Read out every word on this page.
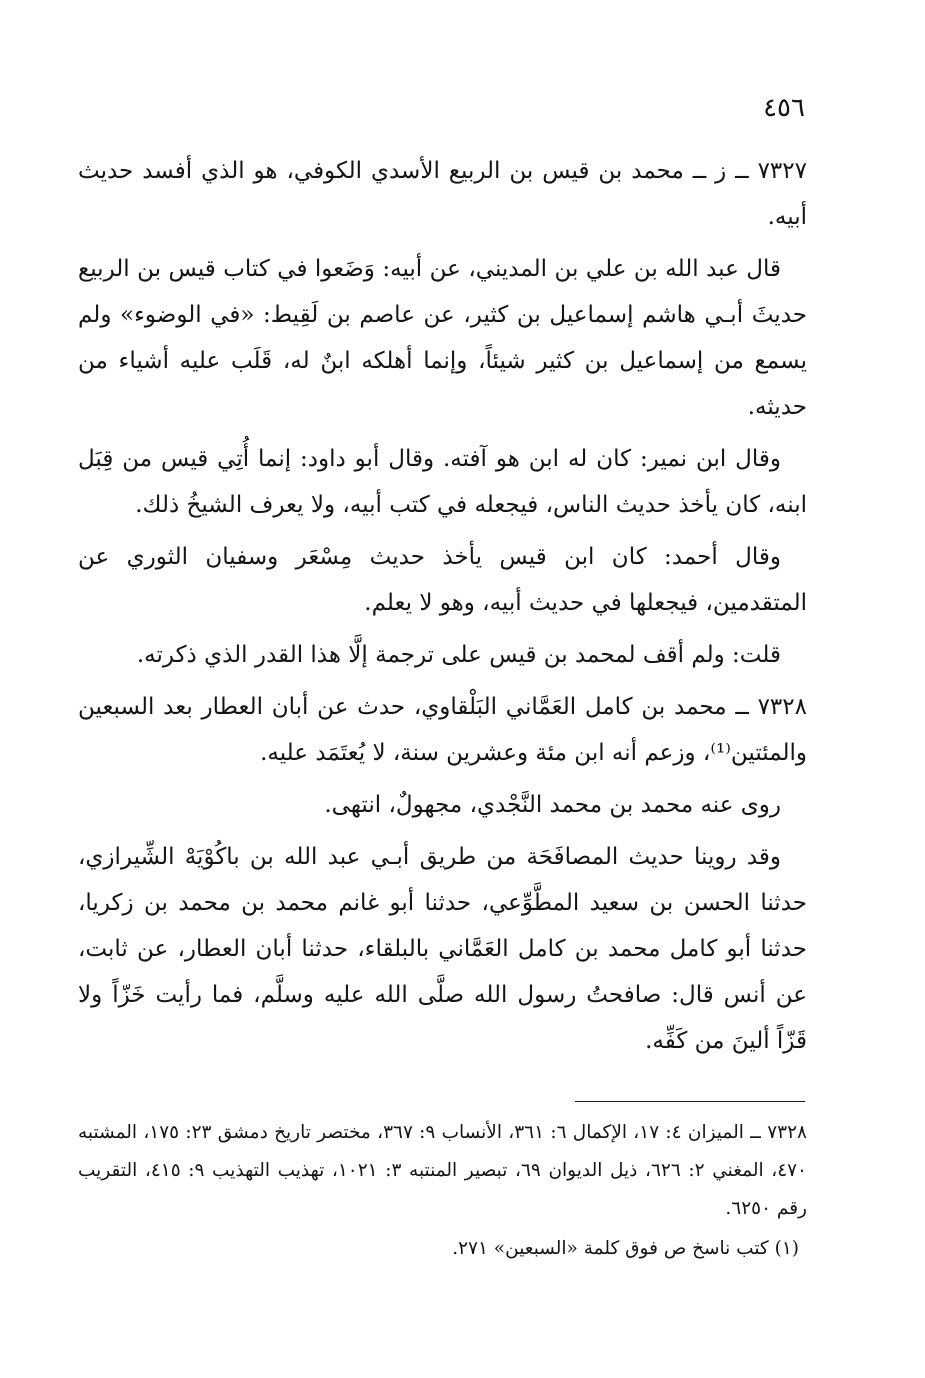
٤٥٦

٧٣٢٧ ــ ز ــ محمد بن قيس بن الربيع الأسدي الكوفي، هو الذي أفسد حديث أبيه.

قال عبد الله بن علي بن المديني، عن أبيه: وَضَعوا في كتاب قيس بن الربيع حديثَ أبـي هاشم إسماعيل بن كثير، عن عاصم بن لَقِيط: «في الوضوء» ولم يسمع من إسماعيل بن كثير شيئاً، وإنما أهلكه ابنٌ له، قَلَب عليه أشياء من حديثه.

وقال ابن نمير: كان له ابن هو آفته. وقال أبو داود: إنما أُتِي قيس من قِبَل ابنه، كان يأخذ حديث الناس، فيجعله في كتب أبيه، ولا يعرف الشيخُ ذلك.

وقال أحمد: كان ابن قيس يأخذ حديث مِسْعَر وسفيان الثوري عن المتقدمين، فيجعلها في حديث أبيه، وهو لا يعلم.

قلت: ولم أقف لمحمد بن قيس على ترجمة إلَّا هذا القدر الذي ذكرته.

٧٣٢٨ ــ محمد بن كامل العَمَّاني البَلْقاوي، حدث عن أبان العطار بعد السبعين والمئتين⁽¹⁾، وزعم أنه ابن مئة وعشرين سنة، لا يُعتَمَد عليه.

روى عنه محمد بن محمد النَّجْدي، مجهولٌ، انتهى.

وقد روينا حديث المصافَحَة من طريق أبـي عبد الله بن باكُوْيَهْ الشِّيرازي، حدثنا الحسن بن سعيد المطَّوِّعي، حدثنا أبو غانم محمد بن محمد بن زكريا، حدثنا أبو كامل محمد بن كامل العَمَّاني بالبلقاء، حدثنا أبان العطار، عن ثابت، عن أنس قال: صافحتُ رسول الله صلَّى الله عليه وسلَّم، فما رأيت خَزّاً ولا قَزّاً ألينَ من كَفِّه.

٧٣٢٨ ــ الميزان ٤: ١٧، الإكمال ٦: ٣٦١، الأنساب ٩: ٣٦٧، مختصر تاريخ دمشق ٢٣: ١٧٥، المشتبه ٤٧٠، المغني ٢: ٦٢٦، ذيل الديوان ٦٩، تبصير المنتبه ٣: ١٠٢١، تهذيب التهذيب ٩: ٤١٥، التقريب رقم ٦٢٥٠.

(١) كتب ناسخ ص فوق كلمة «السبعين» ٢٧١.
